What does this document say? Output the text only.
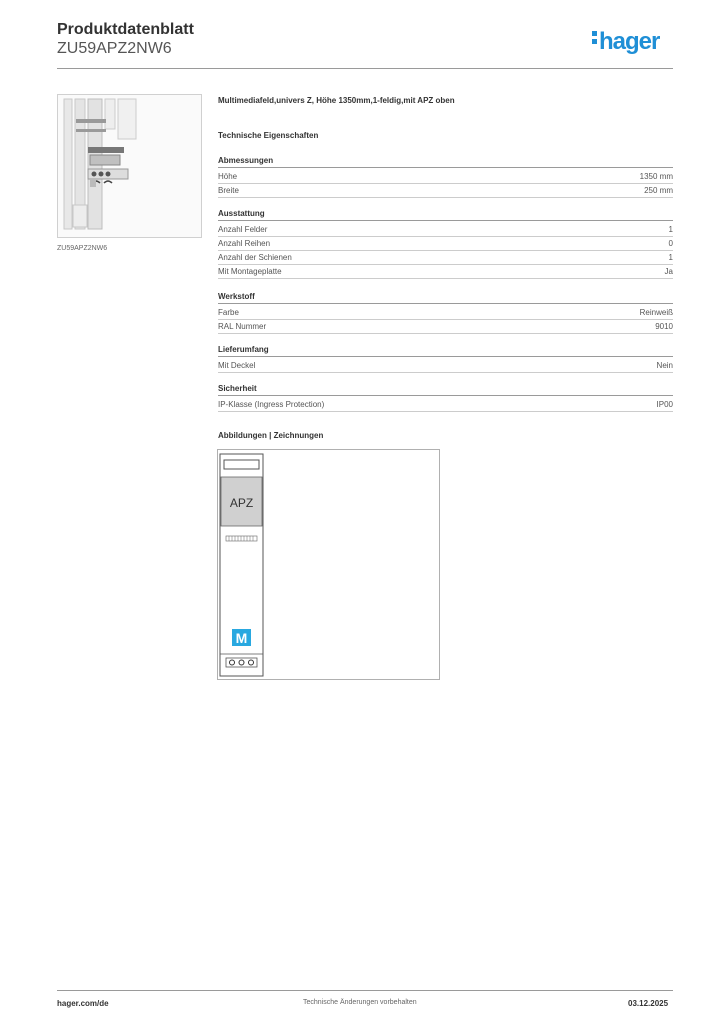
Produktdatenblatt
ZU59APZ2NW6	hager
ZU59APZ2NW6
Multimediafeld,univers Z, Höhe 1350mm,1-feldig,mit APZ oben
Technische Eigenschaften
Abmessungen
Höhe	1350 mm
Breite	250 mm
Ausstattung
Anzahl Felder	1
Anzahl Reihen	0
Anzahl der Schienen	1
Mit Montageplatte	Ja
Werkstoff
Farbe	Reinweiß
RAL Nummer	9010
Lieferumfang
Mit Deckel	Nein
Sicherheit
IP-Klasse (Ingress Protection)	IP00
Abbildungen | Zeichnungen
APZ
M
hager.com/de	Technische Änderungen vorbehalten	03.12.2025
